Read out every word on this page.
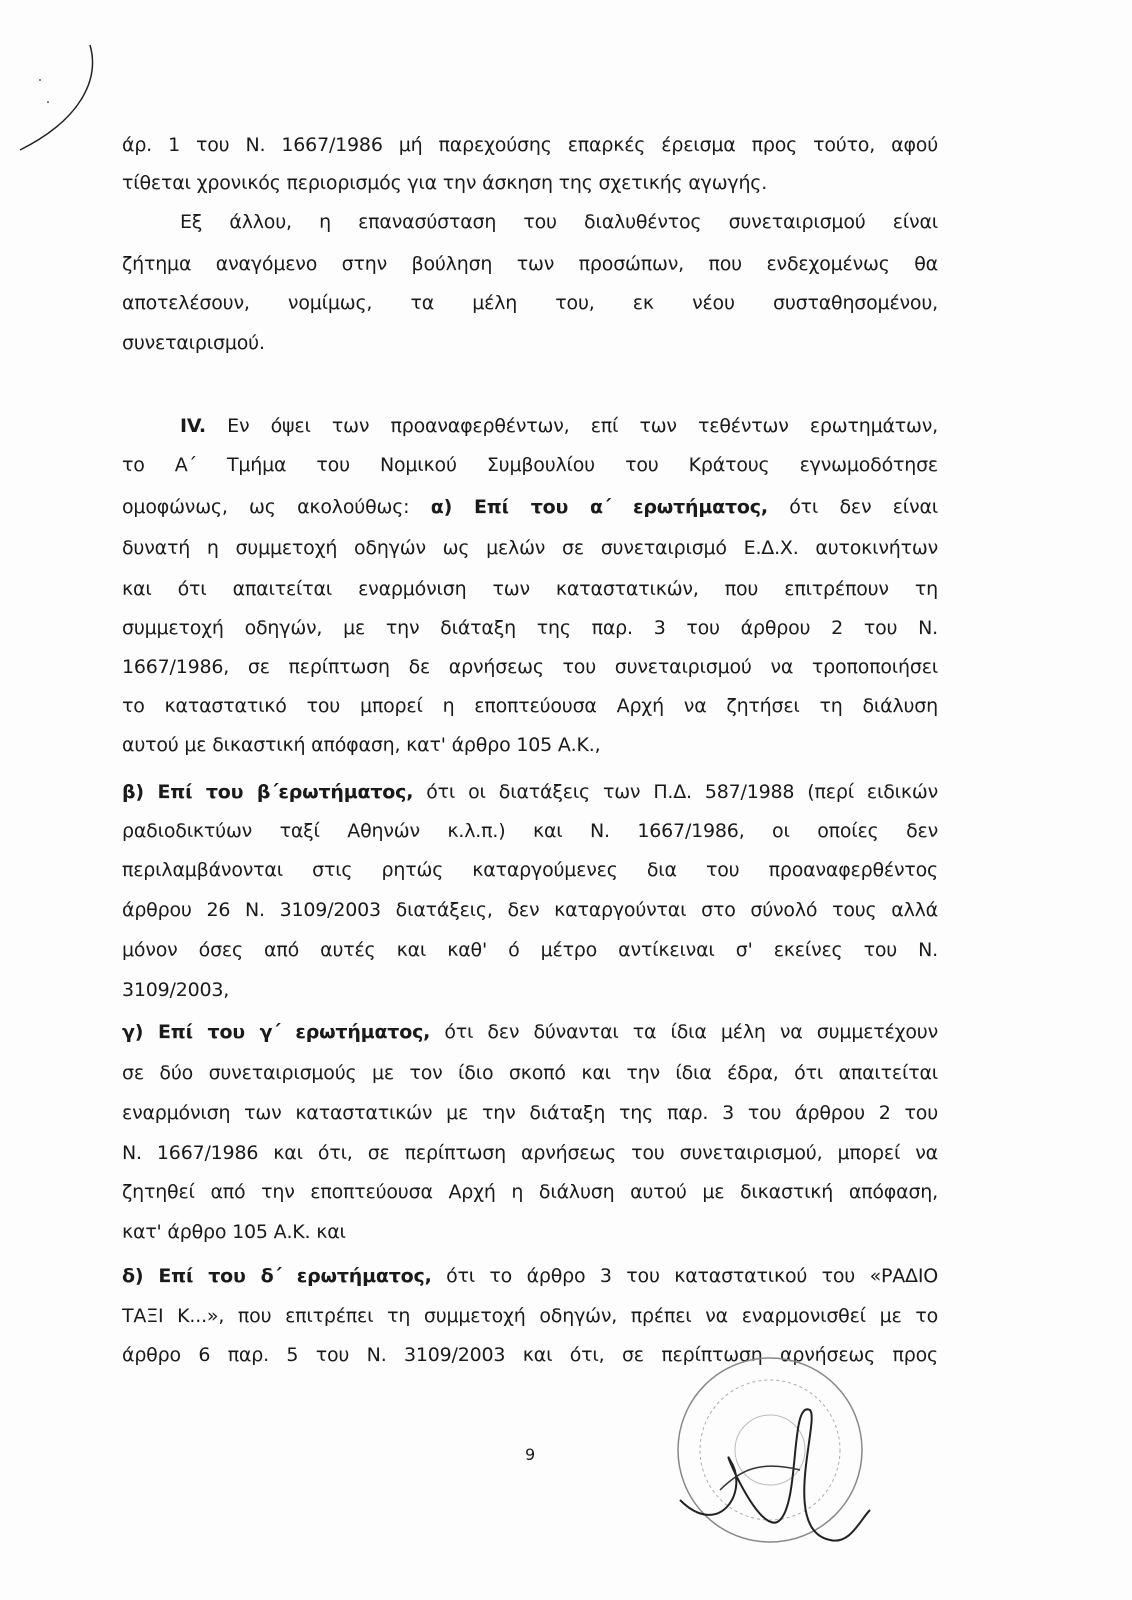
άρ. 1 του Ν. 1667/1986 μή παρεχούσης επαρκές έρεισμα προς τούτο, αφού
τίθεται χρονικός περιορισμός για την άσκηση της σχετικής αγωγής.
Εξ άλλου, η επανασύσταση του διαλυθέντος συνεταιρισμού είναι
ζήτημα αναγόμενο στην βούληση των προσώπων, που ενδεχομένως θα
αποτελέσουν, νομίμως, τα μέλη του, εκ νέου συσταθησομένου,
συνεταιρισμού.
IV. Εν όψει των προαναφερθέντων, επί των τεθέντων ερωτημάτων,
το Α΄ Τμήμα του Νομικού Συμβουλίου του Κράτους εγνωμοδότησε
ομοφώνως, ως ακολούθως: α) Επί του α΄ ερωτήματος, ότι δεν είναι
δυνατή η συμμετοχή οδηγών ως μελών σε συνεταιρισμό Ε.Δ.Χ. αυτοκινήτων
και ότι απαιτείται εναρμόνιση των καταστατικών, που επιτρέπουν τη
συμμετοχή οδηγών, με την διάταξη της παρ. 3 του άρθρου 2 του Ν.
1667/1986, σε περίπτωση δε αρνήσεως του συνεταιρισμού να τροποποιήσει
το καταστατικό του μπορεί η εποπτεύουσα Αρχή να ζητήσει τη διάλυση
αυτού με δικαστική απόφαση, κατ' άρθρο 105 Α.Κ.,
β) Επί του β΄ερωτήματος, ότι οι διατάξεις των Π.Δ. 587/1988 (περί ειδικών
ραδιοδικτύων ταξί Αθηνών κ.λ.π.) και Ν. 1667/1986, οι οποίες δεν
περιλαμβάνονται στις ρητώς καταργούμενες δια του προαναφερθέντος
άρθρου 26 Ν. 3109/2003 διατάξεις, δεν καταργούνται στο σύνολό τους αλλά
μόνον όσες από αυτές και καθ' ό μέτρο αντίκειναι σ' εκείνες του Ν.
3109/2003,
γ) Επί του γ΄ ερωτήματος, ότι δεν δύνανται τα ίδια μέλη να συμμετέχουν
σε δύο συνεταιρισμούς με τον ίδιο σκοπό και την ίδια έδρα, ότι απαιτείται
εναρμόνιση των καταστατικών με την διάταξη της παρ. 3 του άρθρου 2 του
Ν. 1667/1986 και ότι, σε περίπτωση αρνήσεως του συνεταιρισμού, μπορεί να
ζητηθεί από την εποπτεύουσα Αρχή η διάλυση αυτού με δικαστική απόφαση,
κατ' άρθρο 105 Α.Κ. και
δ) Επί του δ΄ ερωτήματος, ότι το άρθρο 3 του καταστατικού του «ΡΑΔΙΟ
ΤΑΞΙ Κ...», που επιτρέπει τη συμμετοχή οδηγών, πρέπει να εναρμονισθεί με το
άρθρο 6 παρ. 5 του Ν. 3109/2003 και ότι, σε περίπτωση αρνήσεως προς
9
